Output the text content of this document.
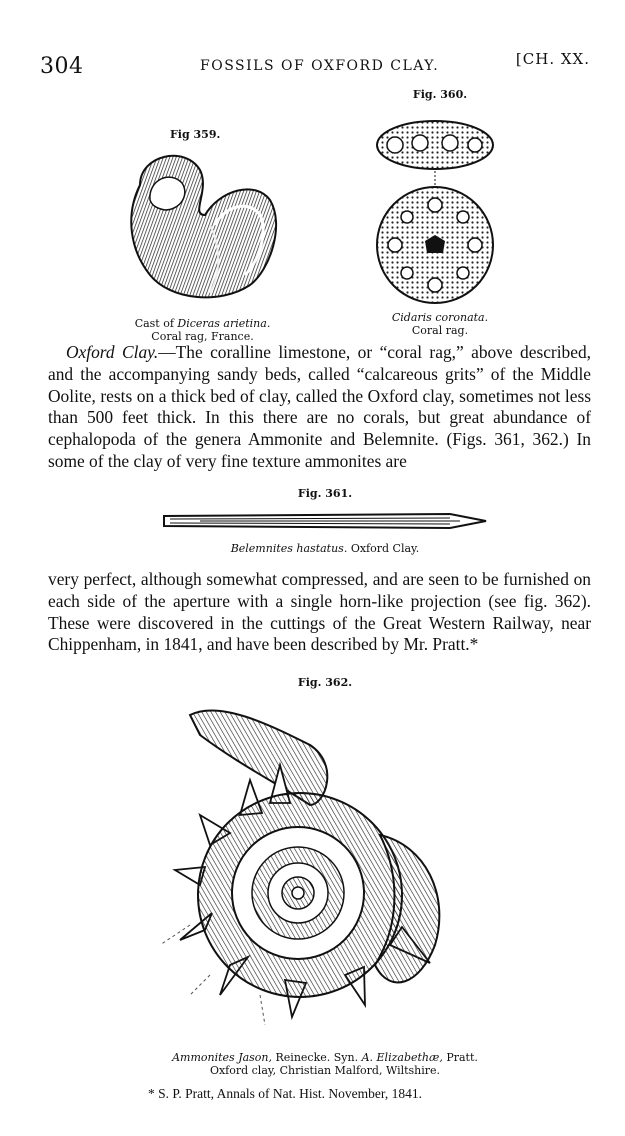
304	FOSSILS OF OXFORD CLAY.	[CH. XX.
Fig 359.
Cast of Diceras arietina.
Coral rag, France.
Fig. 360.
Cidaris coronata.
Coral rag.
Oxford Clay.—The coralline limestone, or “coral rag,” above described, and the accompanying sandy beds, called “calcareous grits” of the Middle Oolite, rests on a thick bed of clay, called the Oxford clay, sometimes not less than 500 feet thick. In this there are no corals, but great abundance of cephalopoda of the genera Ammonite and Belemnite. (Figs. 361, 362.) In some of the clay of very fine texture ammonites are
Fig. 361.
Belemnites hastatus. Oxford Clay.
very perfect, although somewhat compressed, and are seen to be furnished on each side of the aperture with a single horn-like projection (see fig. 362). These were discovered in the cuttings of the Great Western Railway, near Chippenham, in 1841, and have been described by Mr. Pratt.*
Fig. 362.
Ammonites Jason, Reinecke. Syn. A. Elizabethæ, Pratt.
Oxford clay, Christian Malford, Wiltshire.
* S. P. Pratt, Annals of Nat. Hist. November, 1841.
